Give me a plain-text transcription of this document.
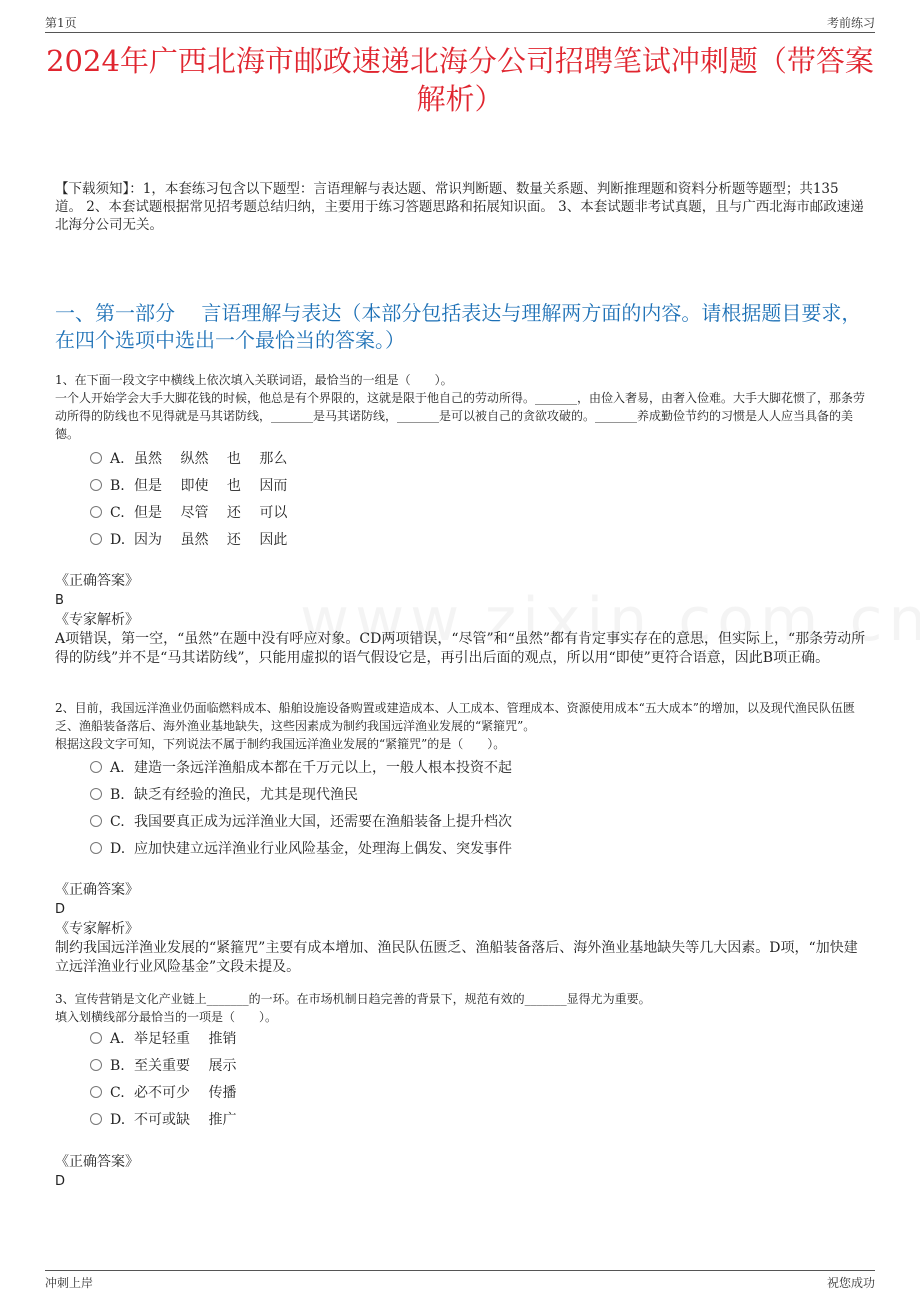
第1页	考前练习
2024年广西北海市邮政速递北海分公司招聘笔试冲刺题（带答案解析）
【下载须知】：1，本套练习包含以下题型：言语理解与表达题、常识判断题、数量关系题、判断推理题和资料分析题等题型；共135道。 2、本套试题根据常见招考题总结归纳，主要用于练习答题思路和拓展知识面。 3、本套试题非考试真题，且与广西北海市邮政速递北海分公司无关。
一、第一部分　 言语理解与表达（本部分包括表达与理解两方面的内容。请根据题目要求，在四个选项中选出一个最恰当的答案。）
1、在下面一段文字中横线上依次填入关联词语，最恰当的一组是（　　）。
一个人开始学会大手大脚花钱的时候，他总是有个界限的，这就是限于他自己的劳动所得。_______，由俭入奢易，由奢入俭难。大手大脚花惯了，那条劳动所得的防线也不见得就是马其诺防线，_______是马其诺防线，_______是可以被自己的贪欲攻破的。_______养成勤俭节约的习惯是人人应当具备的美德。
A. 虽然　 纵然　 也　 那么
B. 但是　 即使　 也　 因而
C. 但是　 尽管　 还　 可以
D. 因为　 虽然　 还　 因此
《正确答案》
B
《专家解析》
A项错误，第一空，“虽然”在题中没有呼应对象。CD两项错误，“尽管”和“虽然”都有肯定事实存在的意思，但实际上，“那条劳动所得的防线”并不是“马其诺防线”，只能用虚拟的语气假设它是，再引出后面的观点，所以用“即使”更符合语意，因此B项正确。
2、目前，我国远洋渔业仍面临燃料成本、船舶设施设备购置或建造成本、人工成本、管理成本、资源使用成本“五大成本”的增加，以及现代渔民队伍匮乏、渔船装备落后、海外渔业基地缺失，这些因素成为制约我国远洋渔业发展的“紧箍咒”。
根据这段文字可知，下列说法不属于制约我国远洋渔业发展的“紧箍咒”的是（　　）。
A. 建造一条远洋渔船成本都在千万元以上，一般人根本投资不起
B. 缺乏有经验的渔民，尤其是现代渔民
C. 我国要真正成为远洋渔业大国，还需要在渔船装备上提升档次
D. 应加快建立远洋渔业行业风险基金，处理海上偶发、突发事件
《正确答案》
D
《专家解析》
制约我国远洋渔业发展的“紧箍咒”主要有成本增加、渔民队伍匮乏、渔船装备落后、海外渔业基地缺失等几大因素。D项，“加快建立远洋渔业行业风险基金”文段未提及。
3、宣传营销是文化产业链上_______的一环。在市场机制日趋完善的背景下，规范有效的_______显得尤为重要。
填入划横线部分最恰当的一项是（　　）。
A. 举足轻重　 推销
B. 至关重要　 展示
C. 必不可少　 传播
D. 不可或缺　 推广
《正确答案》
D
冲刺上岸	祝您成功
